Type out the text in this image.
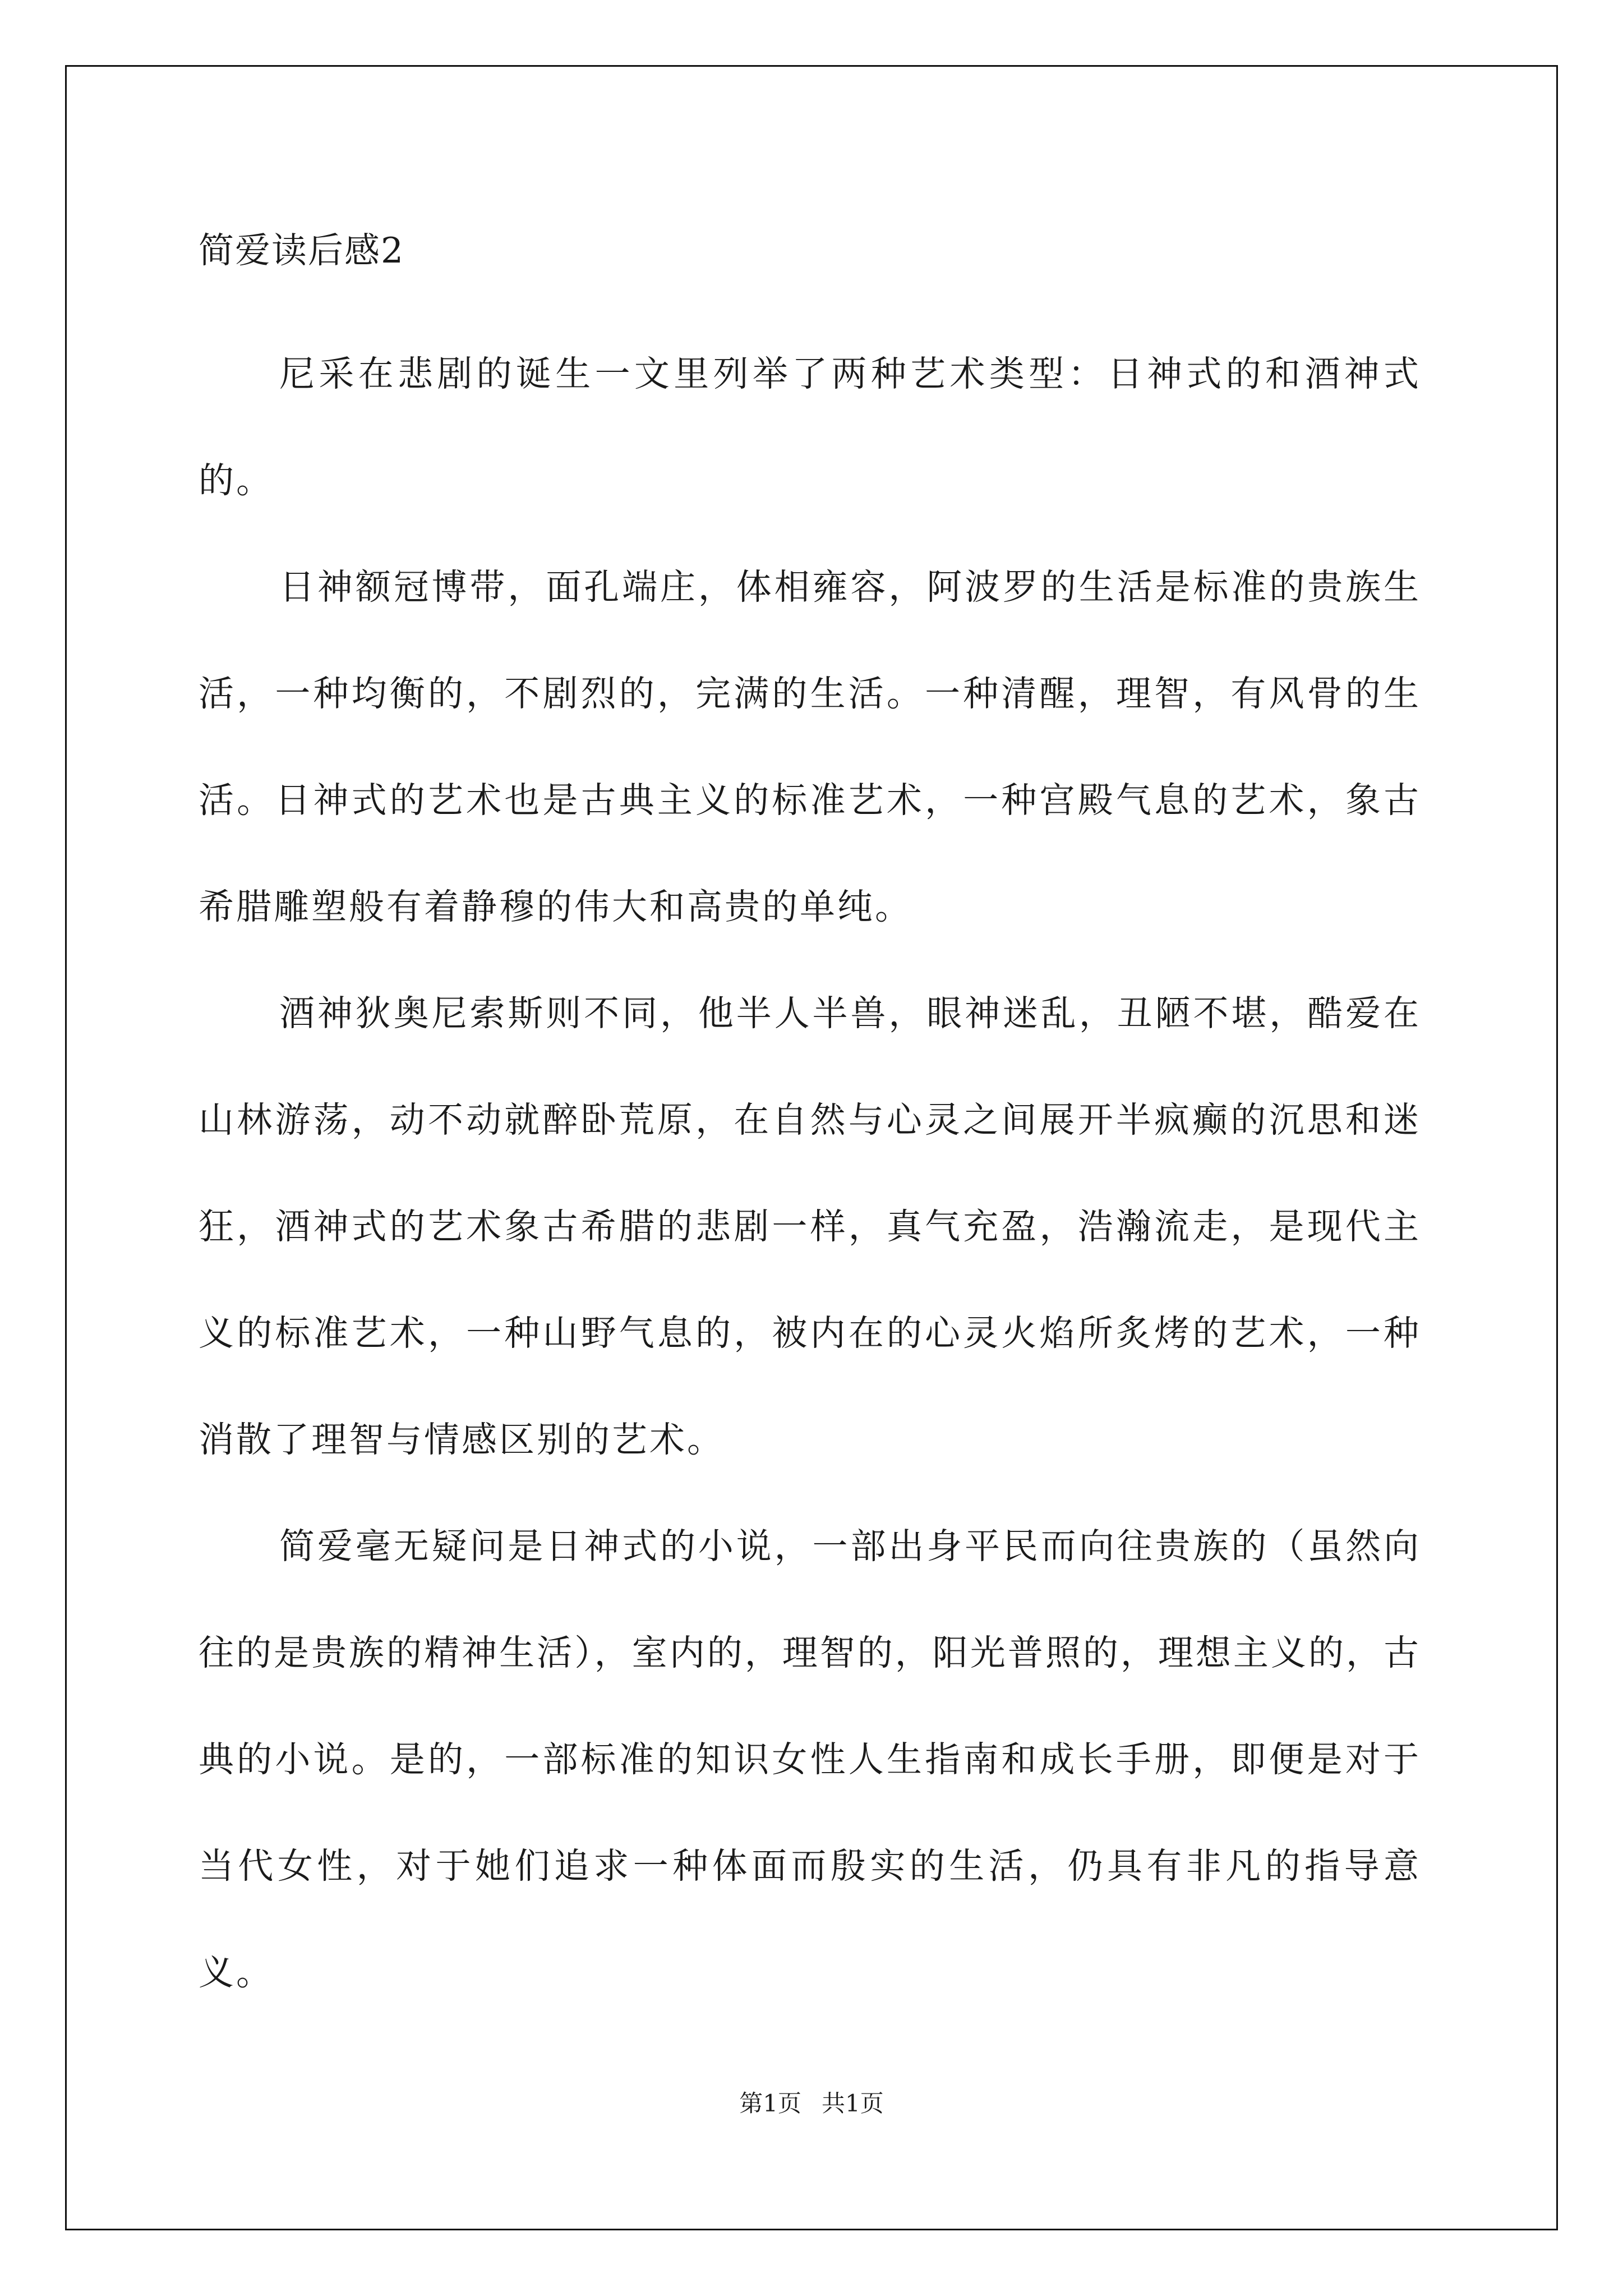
简爱读后感2

尼采在悲剧的诞生一文里列举了两种艺术类型：日神式的和酒神式的。

日神额冠博带，面孔端庄，体相雍容，阿波罗的生活是标准的贵族生活，一种均衡的，不剧烈的，完满的生活。一种清醒，理智，有风骨的生活。日神式的艺术也是古典主义的标准艺术，一种宫殿气息的艺术，象古希腊雕塑般有着静穆的伟大和高贵的单纯。

酒神狄奥尼索斯则不同，他半人半兽，眼神迷乱，丑陋不堪，酷爱在山林游荡，动不动就醉卧荒原，在自然与心灵之间展开半疯癫的沉思和迷狂，酒神式的艺术象古希腊的悲剧一样，真气充盈，浩瀚流走，是现代主义的标准艺术，一种山野气息的，被内在的心灵火焰所炙烤的艺术，一种消散了理智与情感区别的艺术。

简爱毫无疑问是日神式的小说，一部出身平民而向往贵族的（虽然向往的是贵族的精神生活），室内的，理智的，阳光普照的，理想主义的，古典的小说。是的，一部标准的知识女性人生指南和成长手册，即便是对于当代女性，对于她们追求一种体面而殷实的生活，仍具有非凡的指导意义。

第1页 共1页
